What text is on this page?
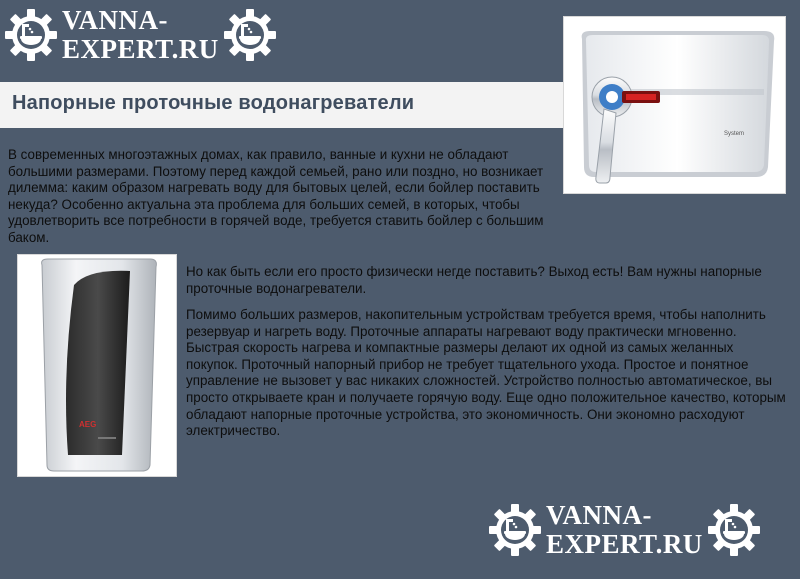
VANNA-
EXPERT.RU
Напорные проточные водонагреватели
System
AEG

В современных многоэтажных домах, как правило, ванные и кухни не обладают большими размерами. Поэтому перед каждой семьей, рано или поздно, но возникает дилемма: каким образом нагревать воду для бытовых целей, если бойлер поставить некуда? Особенно актуальна эта проблема для больших семей, в которых, чтобы удовлетворить все потребности в горячей воде, требуется ставить бойлер с большим баком.

Но как быть если его просто физически негде поставить? Выход есть! Вам нужны напорные проточные водонагреватели.

Помимо больших размеров, накопительным устройствам требуется время, чтобы наполнить резервуар и нагреть воду. Проточные аппараты нагревают воду практически мгновенно. Быстрая скорость нагрева и компактные размеры делают их одной из самых желанных покупок. Проточный напорный прибор не требует тщательного ухода. Простое и понятное управление не вызовет у вас никаких сложностей. Устройство полностью автоматическое, вы просто открываете кран и получаете горячую воду. Еще одно положительное качество, которым обладают напорные проточные устройства, это экономичность. Они экономно расходуют электричество.

VANNA-
EXPERT.RU
